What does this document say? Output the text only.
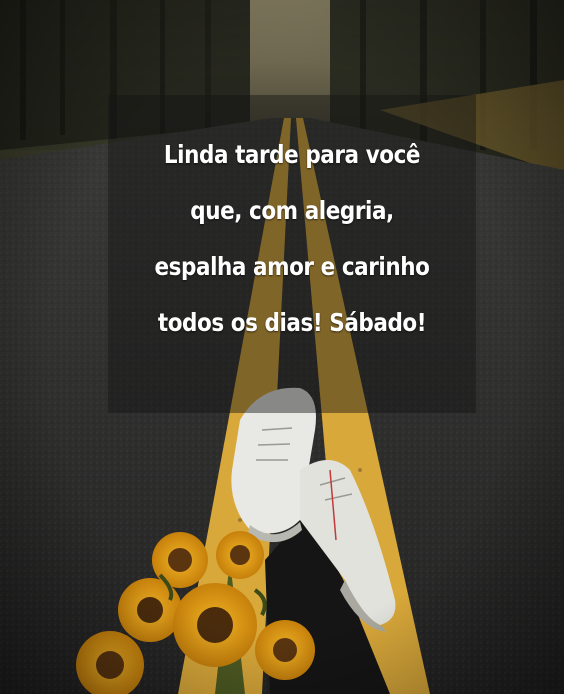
Linda tarde para você
que, com alegria,
espalha amor e carinho
todos os dias! Sábado!
